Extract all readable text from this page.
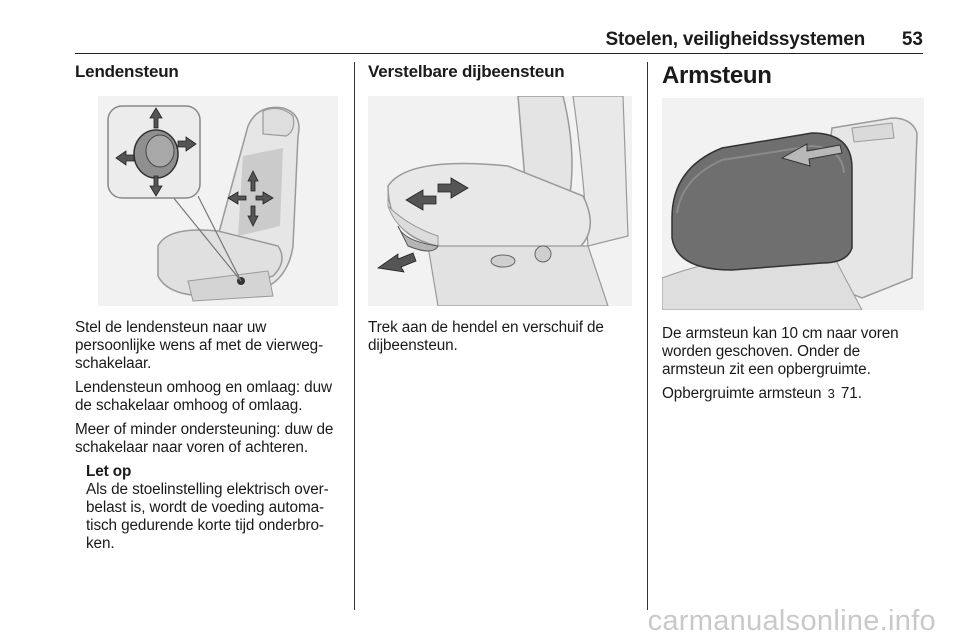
Stoelen, veiligheidssystemen 53
Lendensteun

Stel de lendensteun naar uw persoonlijke wens af met de vierweg-schakelaar.

Lendensteun omhoog en omlaag: duw de schakelaar omhoog of omlaag.

Meer of minder ondersteuning: duw de schakelaar naar voren of achteren.

Let op
Als de stoelinstelling elektrisch over-belast is, wordt de voeding automa-tisch gedurende korte tijd onderbro-ken.
Verstelbare dijbeensteun

Trek aan de hendel en verschuif de dijbeensteun.

Armsteun

De armsteun kan 10 cm naar voren worden geschoven. Onder de armsteun zit een opbergruimte.

Opbergruimte armsteun 3 71.

carmanualsonline.info
